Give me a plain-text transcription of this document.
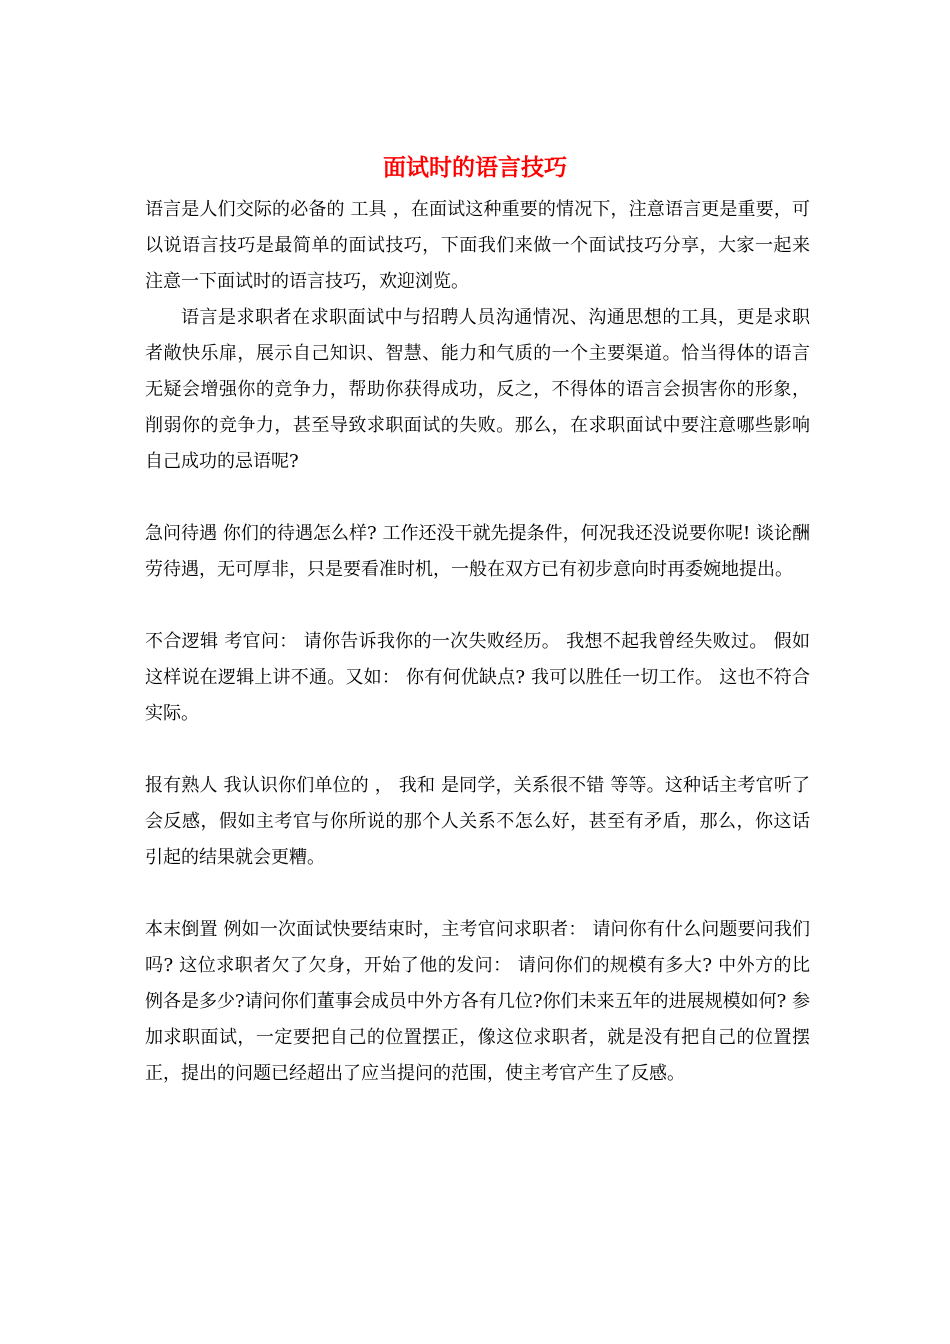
面试时的语言技巧

语言是人们交际的必备的 工具 ，在面试这种重要的情况下，注意语言更是重要，可以说语言技巧是最简单的面试技巧，下面我们来做一个面试技巧分享，大家一起来注意一下面试时的语言技巧，欢迎浏览。

语言是求职者在求职面试中与招聘人员沟通情况、沟通思想的工具，更是求职者敞快乐扉，展示自己知识、智慧、能力和气质的一个主要渠道。恰当得体的语言无疑会增强你的竞争力，帮助你获得成功，反之，不得体的语言会损害你的形象，削弱你的竞争力，甚至导致求职面试的失败。那么，在求职面试中要注意哪些影响自己成功的忌语呢?

急问待遇 你们的待遇怎么样? 工作还没干就先提条件，何况我还没说要你呢! 谈论酬劳待遇，无可厚非，只是要看准时机，一般在双方已有初步意向时再委婉地提出。

不合逻辑 考官问： 请你告诉我你的一次失败经历。 我想不起我曾经失败过。 假如这样说在逻辑上讲不通。又如： 你有何优缺点? 我可以胜任一切工作。 这也不符合实际。

报有熟人 我认识你们单位的 ， 我和 是同学，关系很不错 等等。这种话主考官听了会反感，假如主考官与你所说的那个人关系不怎么好，甚至有矛盾，那么，你这话引起的结果就会更糟。

本末倒置 例如一次面试快要结束时，主考官问求职者： 请问你有什么问题要问我们吗? 这位求职者欠了欠身，开始了他的发问： 请问你们的规模有多大? 中外方的比例各是多少?请问你们董事会成员中外方各有几位?你们未来五年的进展规模如何? 参加求职面试，一定要把自己的位置摆正，像这位求职者，就是没有把自己的位置摆正，提出的问题已经超出了应当提问的范围，使主考官产生了反感。
